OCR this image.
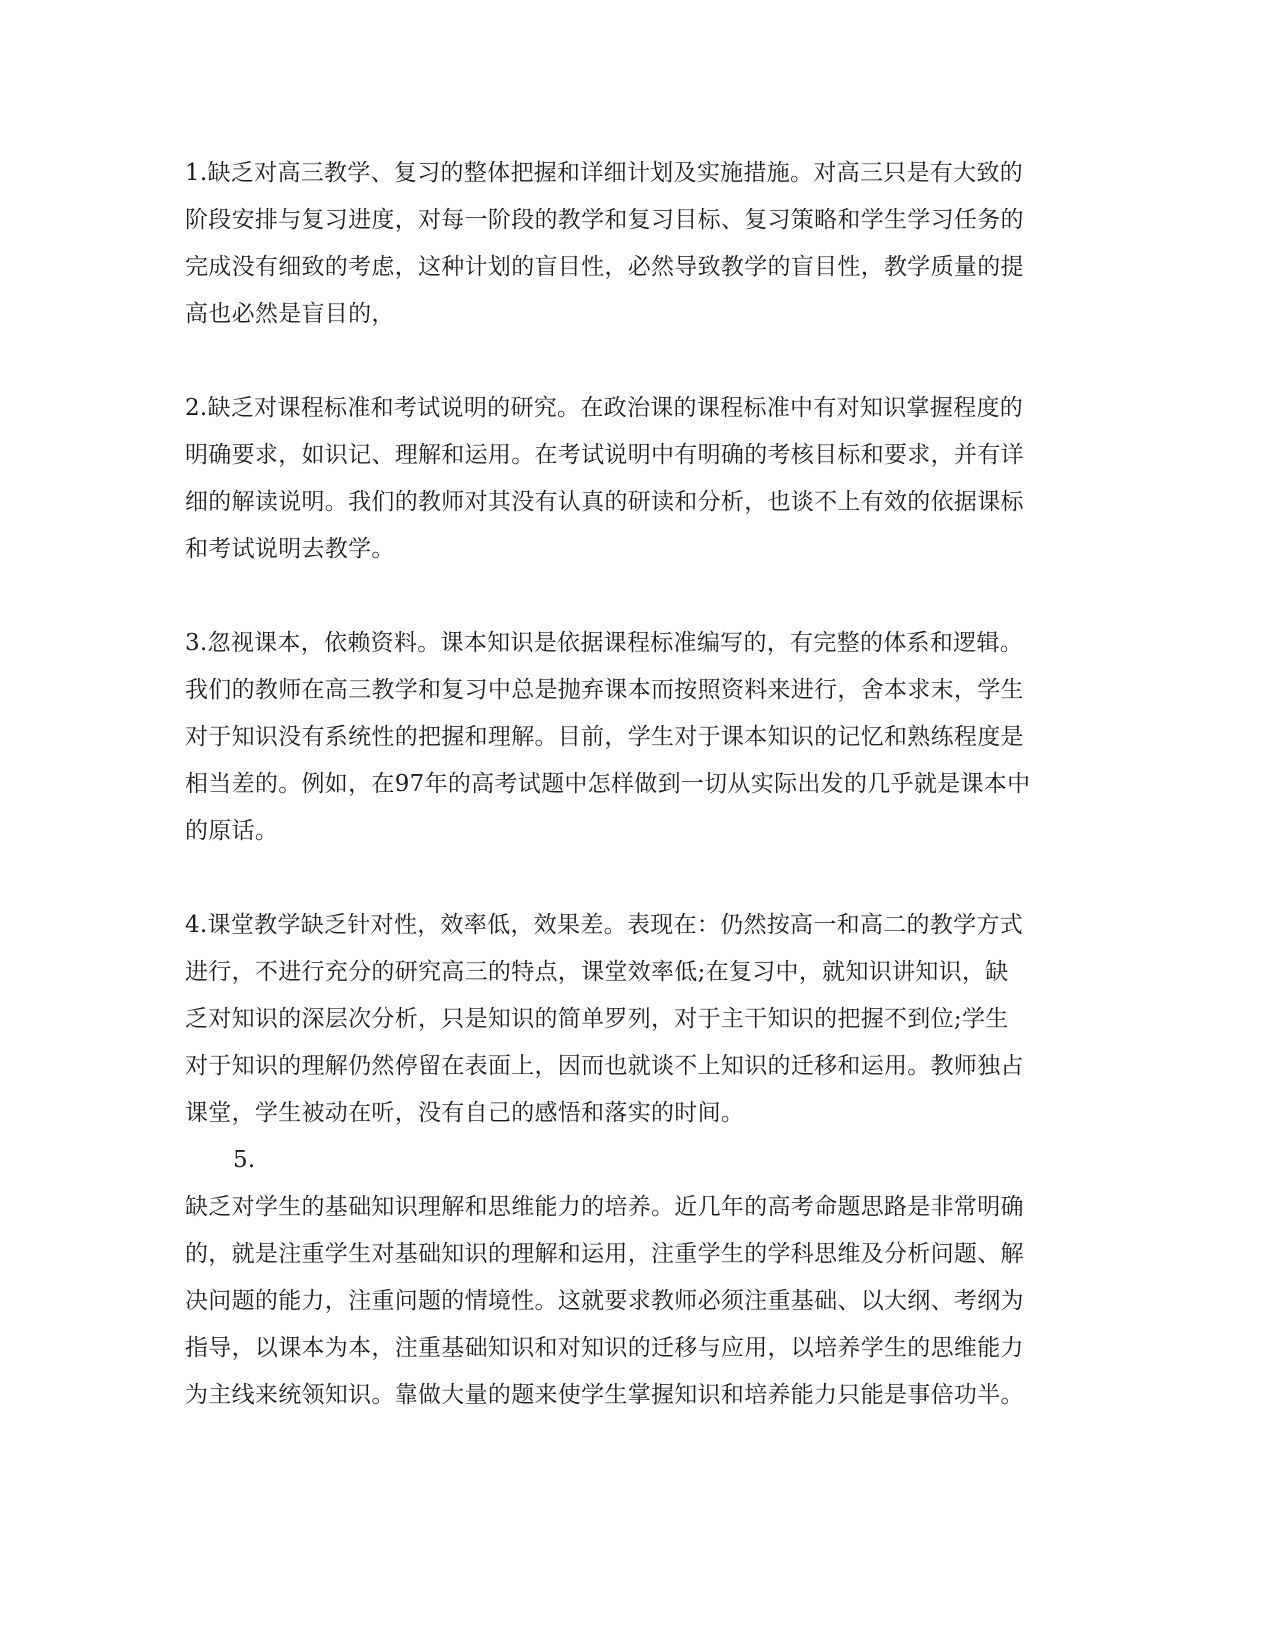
1.缺乏对高三教学、复习的整体把握和详细计划及实施措施。对高三只是有大致的
阶段安排与复习进度，对每一阶段的教学和复习目标、复习策略和学生学习任务的
完成没有细致的考虑，这种计划的盲目性，必然导致教学的盲目性，教学质量的提
高也必然是盲目的，
2.缺乏对课程标准和考试说明的研究。在政治课的课程标准中有对知识掌握程度的
明确要求，如识记、理解和运用。在考试说明中有明确的考核目标和要求，并有详
细的解读说明。我们的教师对其没有认真的研读和分析，也谈不上有效的依据课标
和考试说明去教学。
3.忽视课本，依赖资料。课本知识是依据课程标准编写的，有完整的体系和逻辑。
我们的教师在高三教学和复习中总是抛弃课本而按照资料来进行，舍本求末，学生
对于知识没有系统性的把握和理解。目前，学生对于课本知识的记忆和熟练程度是
相当差的。例如，在97年的高考试题中怎样做到一切从实际出发的几乎就是课本中
的原话。
4.课堂教学缺乏针对性，效率低，效果差。表现在：仍然按高一和高二的教学方式
进行，不进行充分的研究高三的特点，课堂效率低;在复习中，就知识讲知识，缺
乏对知识的深层次分析，只是知识的简单罗列，对于主干知识的把握不到位;学生
对于知识的理解仍然停留在表面上，因而也就谈不上知识的迁移和运用。教师独占
课堂，学生被动在听，没有自己的感悟和落实的时间。
5.
缺乏对学生的基础知识理解和思维能力的培养。近几年的高考命题思路是非常明确
的，就是注重学生对基础知识的理解和运用，注重学生的学科思维及分析问题、解
决问题的能力，注重问题的情境性。这就要求教师必须注重基础、以大纲、考纲为
指导，以课本为本，注重基础知识和对知识的迁移与应用，以培养学生的思维能力
为主线来统领知识。靠做大量的题来使学生掌握知识和培养能力只能是事倍功半。
